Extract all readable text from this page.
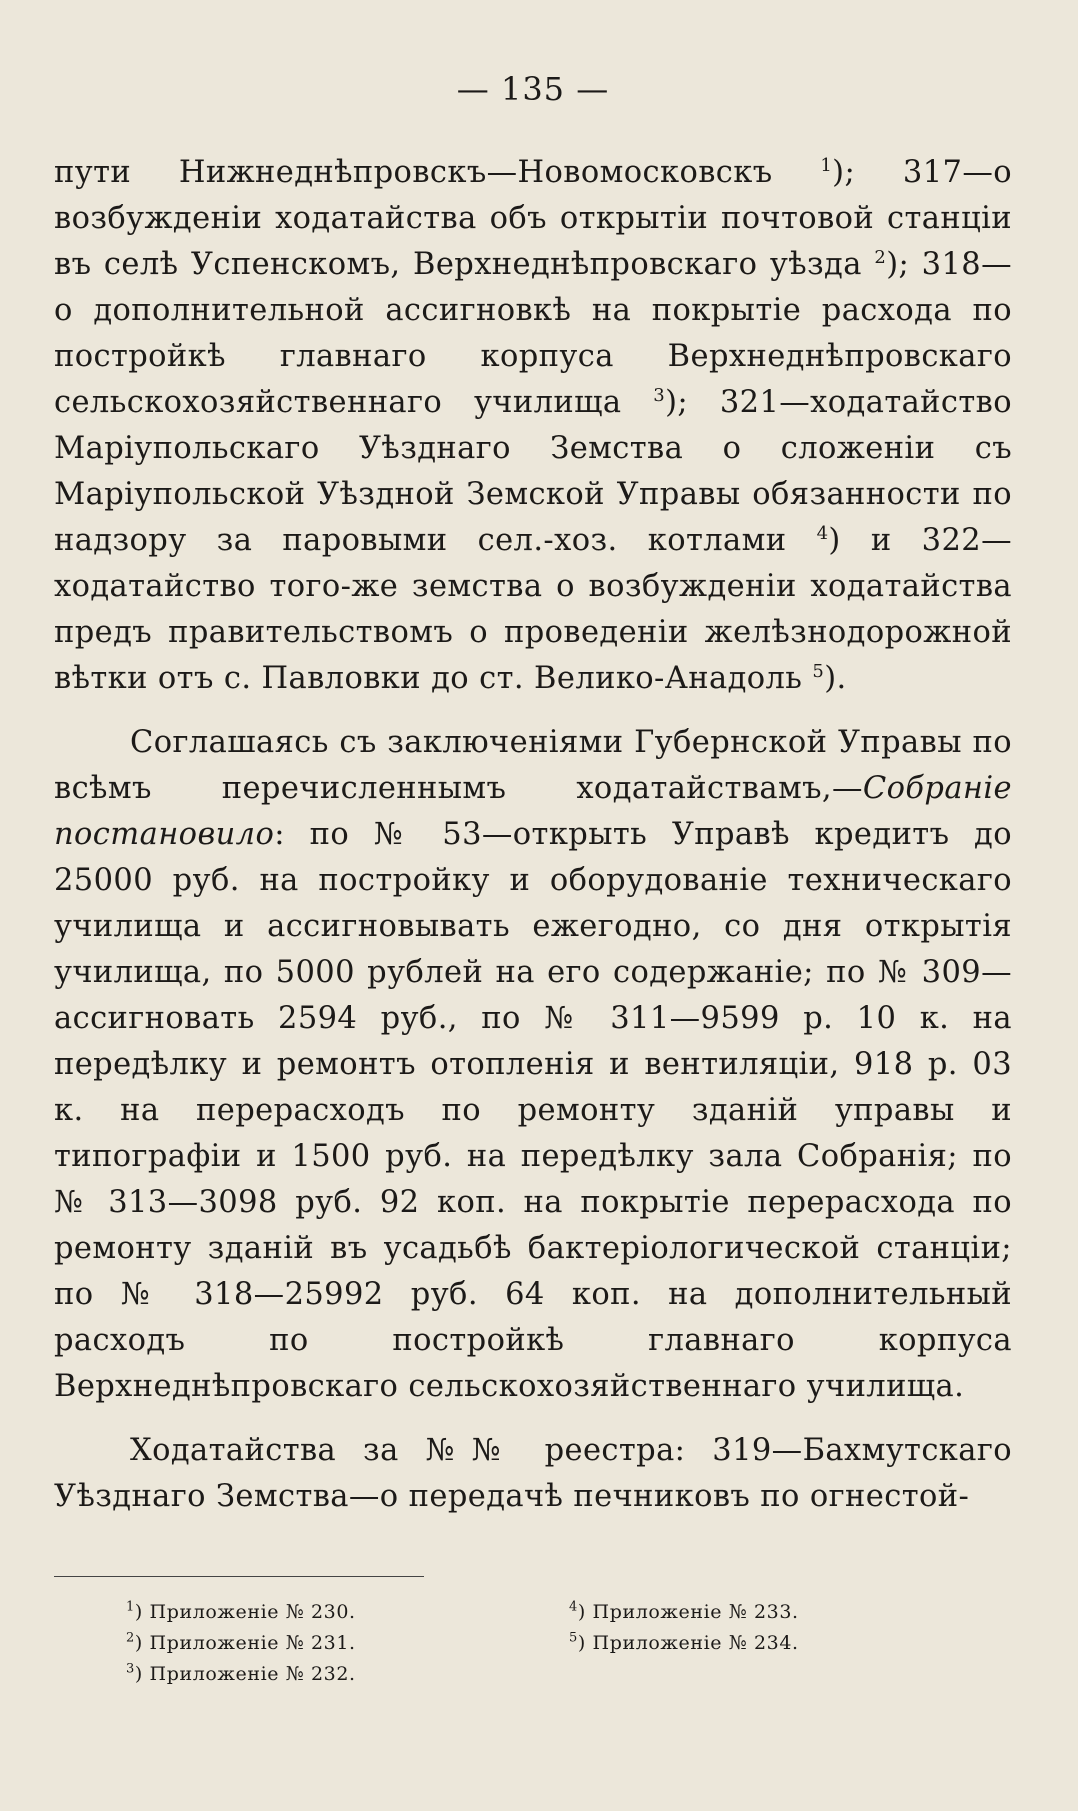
— 135 —

пути Нижнеднѣпровскъ—Новомосковскъ $^1$); 317—о возбужденіи ходатайства объ открытіи почтовой станціи въ селѣ Успенскомъ, Верхнеднѣпровскаго уѣзда $^2$); 318—о дополнительной ассигновкѣ на покрытіе расхода по постройкѣ главнаго корпуса Верхнеднѣпровскаго сельскохозяйственнаго училища $^3$); 321—ходатайство Маріупольскаго Уѣзднаго Земства о сложеніи съ Маріупольской Уѣздной Земской Управы обязанности по надзору за паровыми сел.-хоз. котлами $^4$) и 322—ходатайство того-же земства о возбужденіи ходатайства предъ правительствомъ о проведеніи желѣзнодорожной вѣтки отъ с. Павловки до ст. Велико-Анадоль $^5$).

Соглашаясь съ заключеніями Губернской Управы по всѣмъ перечисленнымъ ходатайствамъ,—Собраніе постановило: по № 53—открыть Управѣ кредитъ до 25000 руб. на постройку и оборудованіе техническаго училища и ассигновывать ежегодно, со дня открытія училища, по 5000 рублей на его содержаніе; по № 309—ассигновать 2594 руб., по № 311—9599 р. 10 к. на передѣлку и ремонтъ отопленія и вентиляціи, 918 р. 03 к. на перерасходъ по ремонту зданій управы и типографіи и 1500 руб. на передѣлку зала Собранія; по № 313—3098 руб. 92 коп. на покрытіе перерасхода по ремонту зданій въ усадьбѣ бактеріологической станціи; по № 318—25992 руб. 64 коп. на дополнительный расходъ по постройкѣ главнаго корпуса Верхнеднѣпровскаго сельскохозяйственнаго училища.

Ходатайства за №№ реестра: 319—Бахмутскаго Уѣзднаго Земства—о передачѣ печниковъ по огнестой-

$^1$) Приложеніе № 230.
$^2$) Приложеніе № 231.
$^3$) Приложеніе № 232.
$^4$) Приложеніе № 233.
$^5$) Приложеніе № 234.
